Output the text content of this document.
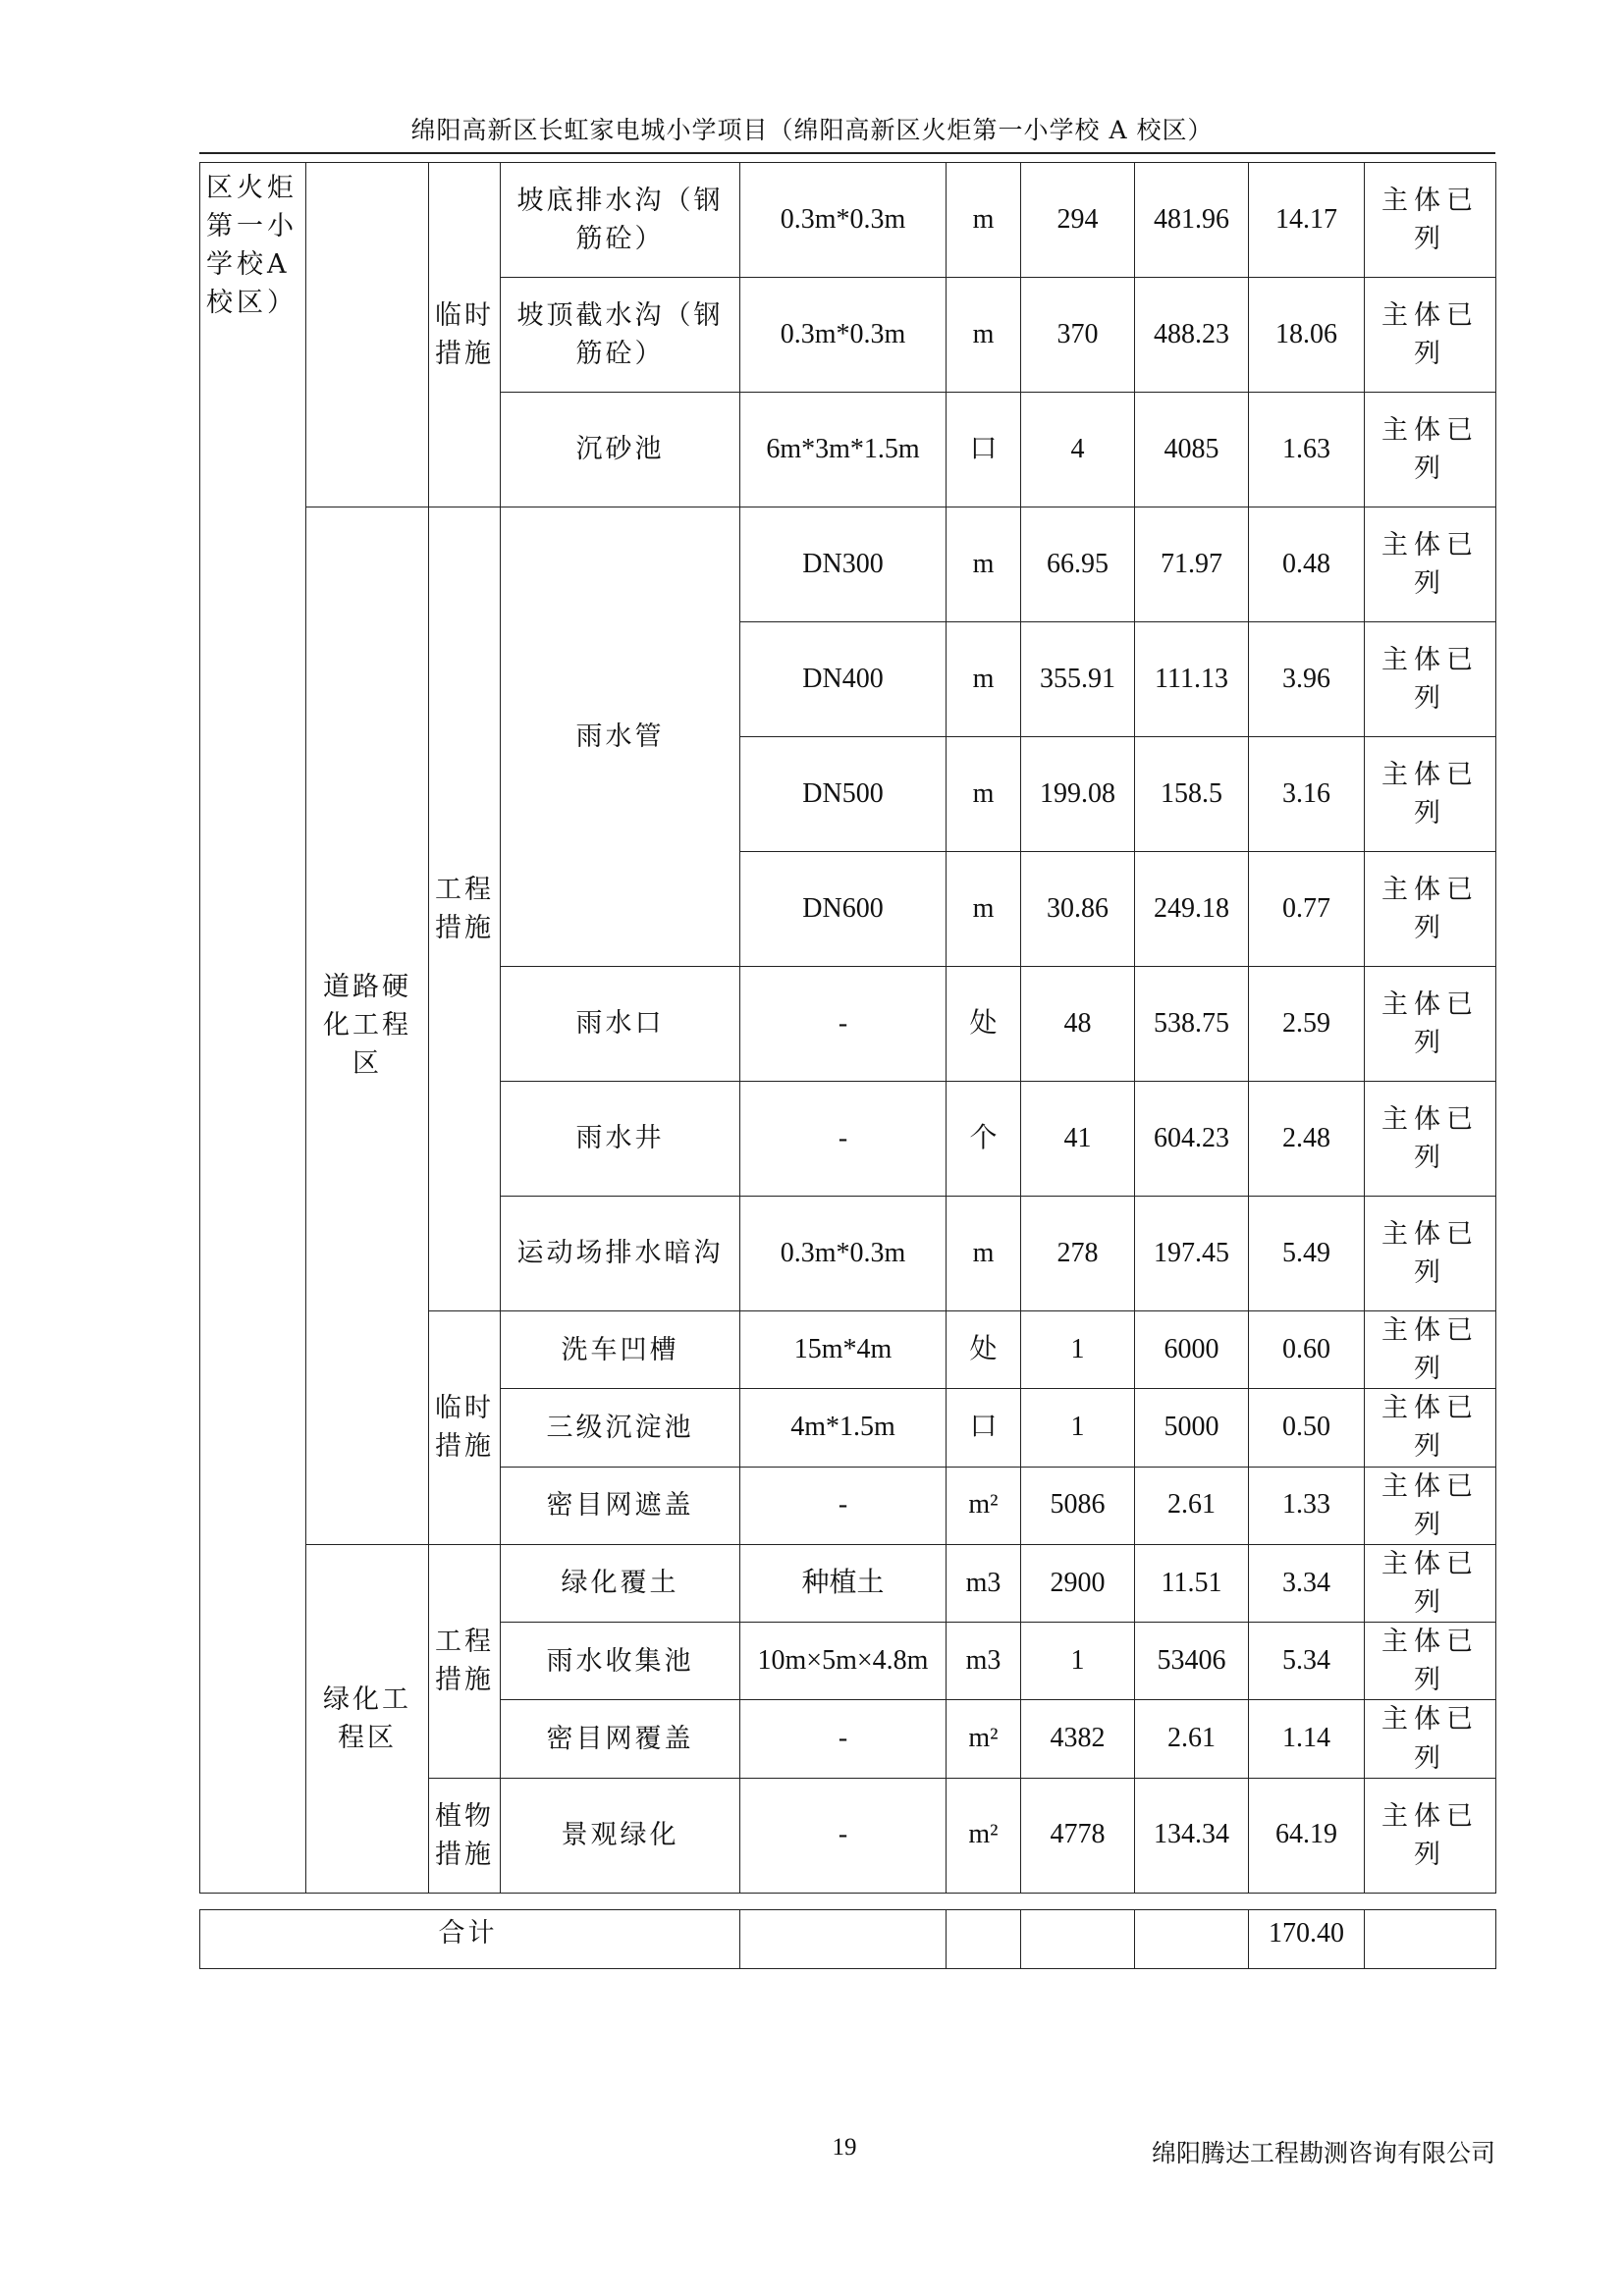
绵阳高新区长虹家电城小学项目（绵阳高新区火炬第一小学校 A 校区）
区火炬第一小学校A校区）		临时措施	坡底排水沟（钢筋砼）	0.3m*0.3m	m	294	481.96	14.17	主体已列
			坡顶截水沟（钢筋砼）	0.3m*0.3m	m	370	488.23	18.06	主体已列
			沉砂池	6m*3m*1.5m	口	4	4085	1.63	主体已列
	道路硬化工程区	工程措施	雨水管	DN300	m	66.95	71.97	0.48	主体已列
				DN400	m	355.91	111.13	3.96	主体已列
				DN500	m	199.08	158.5	3.16	主体已列
				DN600	m	30.86	249.18	0.77	主体已列
			雨水口	-	处	48	538.75	2.59	主体已列
			雨水井	-	个	41	604.23	2.48	主体已列
			运动场排水暗沟	0.3m*0.3m	m	278	197.45	5.49	主体已列
		临时措施	洗车凹槽	15m*4m	处	1	6000	0.60	主体已列
			三级沉淀池	4m*1.5m	口	1	5000	0.50	主体已列
			密目网遮盖	-	m²	5086	2.61	1.33	主体已列
	绿化工程区	工程措施	绿化覆土	种植土	m3	2900	11.51	3.34	主体已列
			雨水收集池	10m×5m×4.8m	m3	1	53406	5.34	主体已列
			密目网覆盖	-	m²	4382	2.61	1.14	主体已列
		植物措施	景观绿化	-	m²	4778	134.34	64.19	主体已列
合计					170.40	
19	绵阳腾达工程勘测咨询有限公司
